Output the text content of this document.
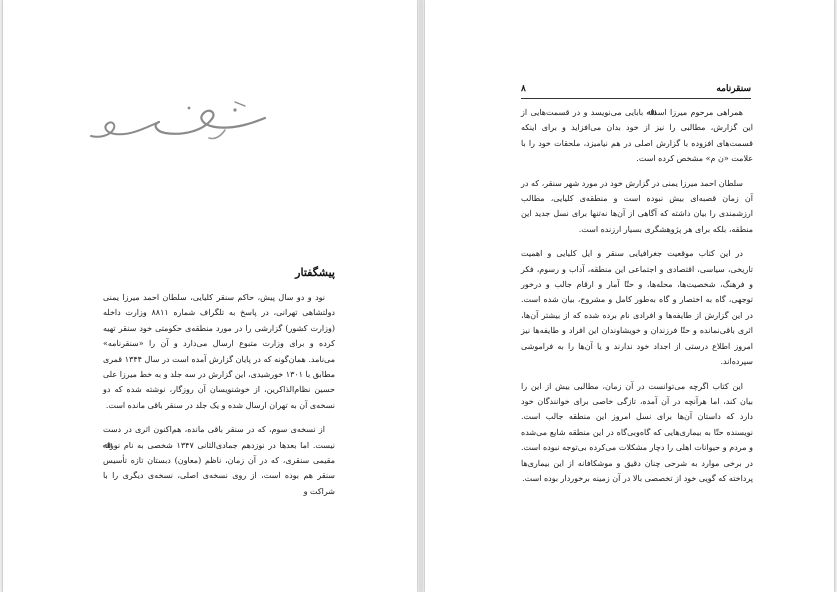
پیشگفتار

نود و دو سال پیش، حاکم سنقر کلیایی، سلطان احمد میرزا یمنی دولتشاهی تهرانی، در پاسخ به تلگراف شماره ۸۸۱۱ وزارت داخله (وزارت کشور) گزارشی را در مورد منطقه‌ی حکومتی خود سنقر تهیه کرده و برای وزارت متبوع ارسال می‌دارد و آن را «سنقرنامه» می‌نامد. همان‌گونه که در پایان گزارش آمده است در سال ۱۳۴۴ قمری مطابق با ۱۳۰۱ خورشیدی، این گزارش در سه جلد و به خط میرزا علی حسین نظام‌الذاکرین، از خوشنویسان آن روزگار، نوشته شده که دو نسخه‌ی آن به تهران ارسال شده و یک جلد در سنقر باقی مانده است.

از نسخه‌ی سوم، که در سنقر باقی مانده، هم‌اکنون اثری در دست نیست. اما بعدها در نوزدهم جمادی‌الثانی ۱۳۴۷ شخصی به نام نوراﷲ مقیمی سنقری، که در آن زمان، ناظم (معاون) دبستان تازه تأسیس سنقر هم بوده است، از روی نسخه‌ی اصلی، نسخه‌ی دیگری را با شراکت و

۸	سنقرنامه

همراهی مرحوم میرزا اسداﷲ بابایی می‌نویسد و در قسمت‌هایی از این گزارش، مطالبی را نیز از خود بدان می‌افزاید و برای اینکه قسمت‌های افزوده با گزارش اصلی در هم نیامیزد، ملحقات خود را با علامت «ن م» مشخص کرده است.

سلطان احمد میرزا یمنی در گزارش خود در مورد شهر سنقر، که در آن زمان قصبه‌ای بیش نبوده است و منطقه‌ی کلیایی، مطالب ارزشمندی را بیان داشته که آگاهی از آن‌ها نه‌تنها برای نسل جدید این منطقه، بلکه برای هر پژوهشگری بسیار ارزنده است.

در این کتاب موقعیت جغرافیایی سنقر و ایل کلیایی و اهمیت تاریخی، سیاسی، اقتصادی و اجتماعی این منطقه، آداب و رسوم، فکر و فرهنگ، شخصیت‌ها، محله‌ها، و حتّا آمار و ارقام جالب و درخور توجهی، گاه به اختصار و گاه به‌طور کامل و مشروح، بیان شده است. در این گزارش از طایفه‌ها و افرادی نام برده شده که از بیشتر آن‌ها، اثری باقی‌نمانده و حتّا فرزندان و خویشاوندان این افراد و طایفه‌ها نیز امروز اطلاع درستی از اجداد خود ندارند و یا آن‌ها را به فراموشی سپرده‌اند.

این کتاب اگرچه می‌توانست در آن زمان، مطالبی بیش از این را بیان کند، اما هرآنچه در آن آمده، تازگی خاصی برای خوانندگان خود دارد که داستان آن‌ها برای نسل امروز این منطقه جالب است. نویسنده حتّا به بیماری‌هایی که گاه‌وبی‌گاه در این منطقه شایع می‌شده و مردم و حیوانات اهلی را دچار مشکلات می‌کرده بی‌توجه نبوده است. در برخی موارد به شرحی چنان دقیق و موشکافانه از این بیماری‌ها پرداخته که گویی خود از تخصصی بالا در آن زمینه برخوردار بوده است.
